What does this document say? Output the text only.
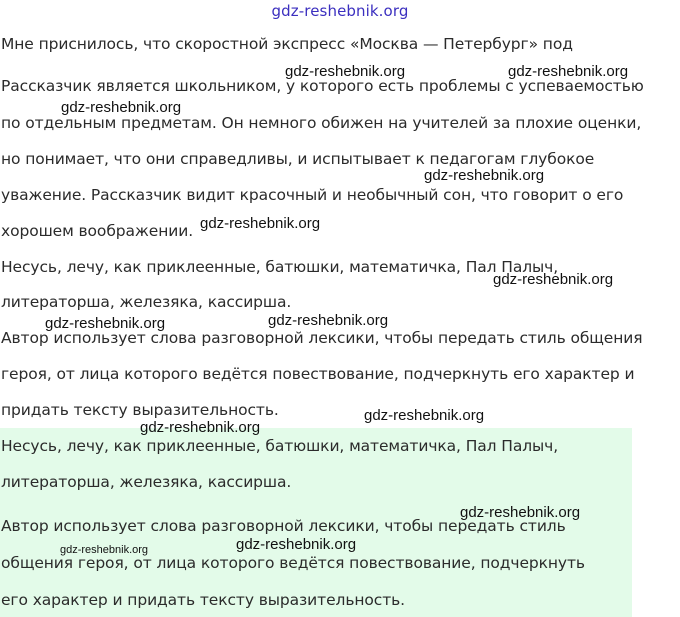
gdz-reshebnik.org
Мне приснилось, что скоростной экспресс «Москва — Петербург» под
Рассказчик является школьником, у которого есть проблемы с успеваемостью
по отдельным предметам. Он немного обижен на учителей за плохие оценки,
но понимает, что они справедливы, и испытывает к педагогам глубокое
уважение. Рассказчик видит красочный и необычный сон, что говорит о его
хорошем воображении.
Несусь, лечу, как приклеенные, батюшки, математичка, Пал Палыч,
литераторша, железяка, кассирша.
Автор использует слова разговорной лексики, чтобы передать стиль общения
героя, от лица которого ведётся повествование, подчеркнуть его характер и
придать тексту выразительность.
Несусь, лечу, как приклеенные, батюшки, математичка, Пал Палыч,
литераторша, железяка, кассирша.
Автор использует слова разговорной лексики, чтобы передать стиль
общения героя, от лица которого ведётся повествование, подчеркнуть
его характер и придать тексту выразительность.
gdz-reshebnik.org	gdz-reshebnik.org
gdz-reshebnik.org
gdz-reshebnik.org
gdz-reshebnik.org
gdz-reshebnik.org
gdz-reshebnik.org	gdz-reshebnik.org
gdz-reshebnik.org
gdz-reshebnik.org
gdz-reshebnik.org
gdz-reshebnik.org
gdz-reshebnik.org
